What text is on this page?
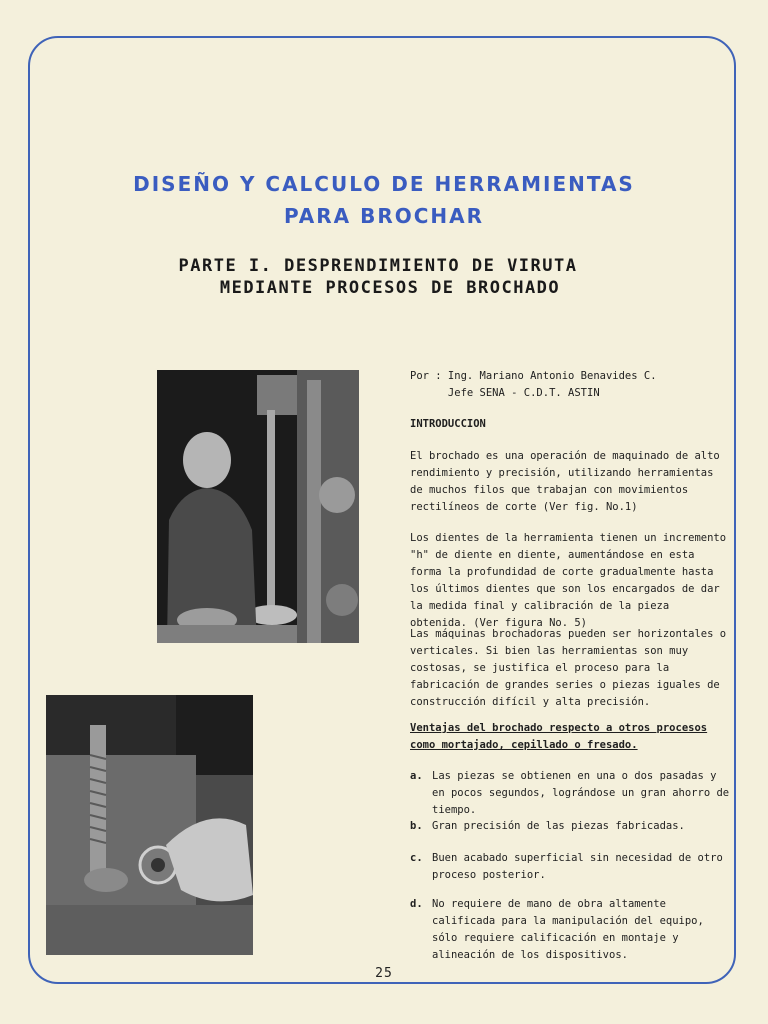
DISEÑO Y CALCULO DE HERRAMIENTAS
PARA BROCHAR
PARTE I. DESPRENDIMIENTO DE VIRUTA
MEDIANTE PROCESOS DE BROCHADO
Por : Ing. Mariano Antonio Benavides C.
Jefe SENA - C.D.T. ASTIN
INTRODUCCION
El brochado es una operación de maquinado de alto rendimiento y precisión, utilizando herramientas de muchos filos que trabajan con movimientos rectilíneos de corte (Ver fig. No.1)
Los dientes de la herramienta tienen un incremento "h" de diente en diente, aumentándose en esta forma la profundidad de corte gradualmente hasta los últimos dientes que son los encargados de dar la medida final y calibración de la pieza obtenida. (Ver figura No. 5)
Las máquinas brochadoras pueden ser horizontales o verticales. Si bien las herramientas son muy costosas, se justifica el proceso para la fabricación de grandes series o piezas iguales de construcción difícil y alta precisión.
Ventajas del brochado respecto a otros procesos como mortajado, cepillado o fresado.
a. Las piezas se obtienen en una o dos pasadas y en pocos segundos, lográndose un gran ahorro de tiempo.
b. Gran precisión de las piezas fabricadas.
c. Buen acabado superficial sin necesidad de otro proceso posterior.
d. No requiere de mano de obra altamente calificada para la manipulación del equipo, sólo requiere calificación en montaje y alineación de los dispositivos.
25
